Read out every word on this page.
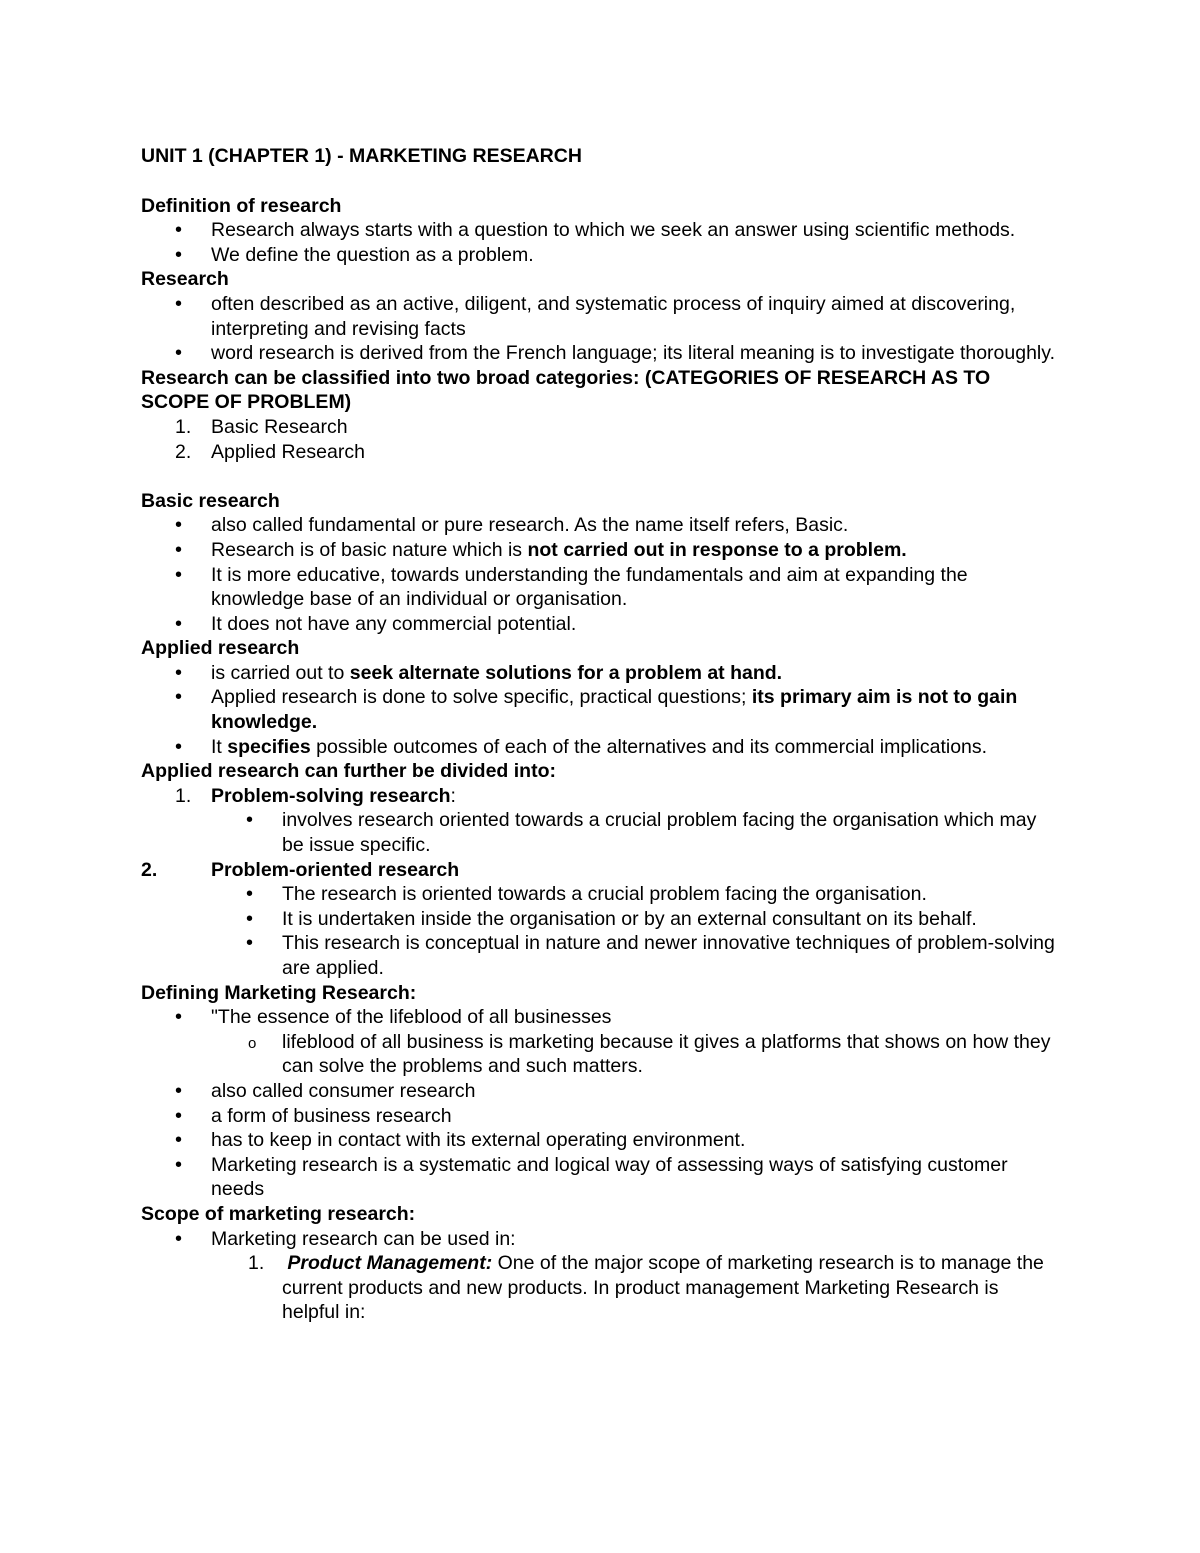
UNIT 1 (CHAPTER 1) - MARKETING RESEARCH

Definition of research

• Research always starts with a question to which we seek an answer using scientific methods.
• We define the question as a problem.

Research

• often described as an active, diligent, and systematic process of inquiry aimed at discovering, interpreting and revising facts
• word research is derived from the French language; its literal meaning is to investigate thoroughly.

Research can be classified into two broad categories: (CATEGORIES OF RESEARCH AS TO SCOPE OF PROBLEM)

1. Basic Research
2. Applied Research

Basic research

• also called fundamental or pure research. As the name itself refers, Basic.
• Research is of basic nature which is not carried out in response to a problem.
• It is more educative, towards understanding the fundamentals and aim at expanding the knowledge base of an individual or organisation.
• It does not have any commercial potential.

Applied research

• is carried out to seek alternate solutions for a problem at hand.
• Applied research is done to solve specific, practical questions; its primary aim is not to gain knowledge.
• It specifies possible outcomes of each of the alternatives and its commercial implications.

Applied research can further be divided into:

1. Problem-solving research:
• involves research oriented towards a crucial problem facing the organisation which may be issue specific.
2.	Problem-oriented research
• The research is oriented towards a crucial problem facing the organisation.
• It is undertaken inside the organisation or by an external consultant on its behalf.
• This research is conceptual in nature and newer innovative techniques of problem-solving are applied.

Defining Marketing Research:

• "The essence of the lifeblood of all businesses
o lifeblood of all business is marketing because it gives a platforms that shows on how they can solve the problems and such matters.
• also called consumer research
• a form of business research
• has to keep in contact with its external operating environment.
• Marketing research is a systematic and logical way of assessing ways of satisfying customer needs

Scope of marketing research:

• Marketing research can be used in:
1. Product Management: One of the major scope of marketing research is to manage the current products and new products. In product management Marketing Research is helpful in:
